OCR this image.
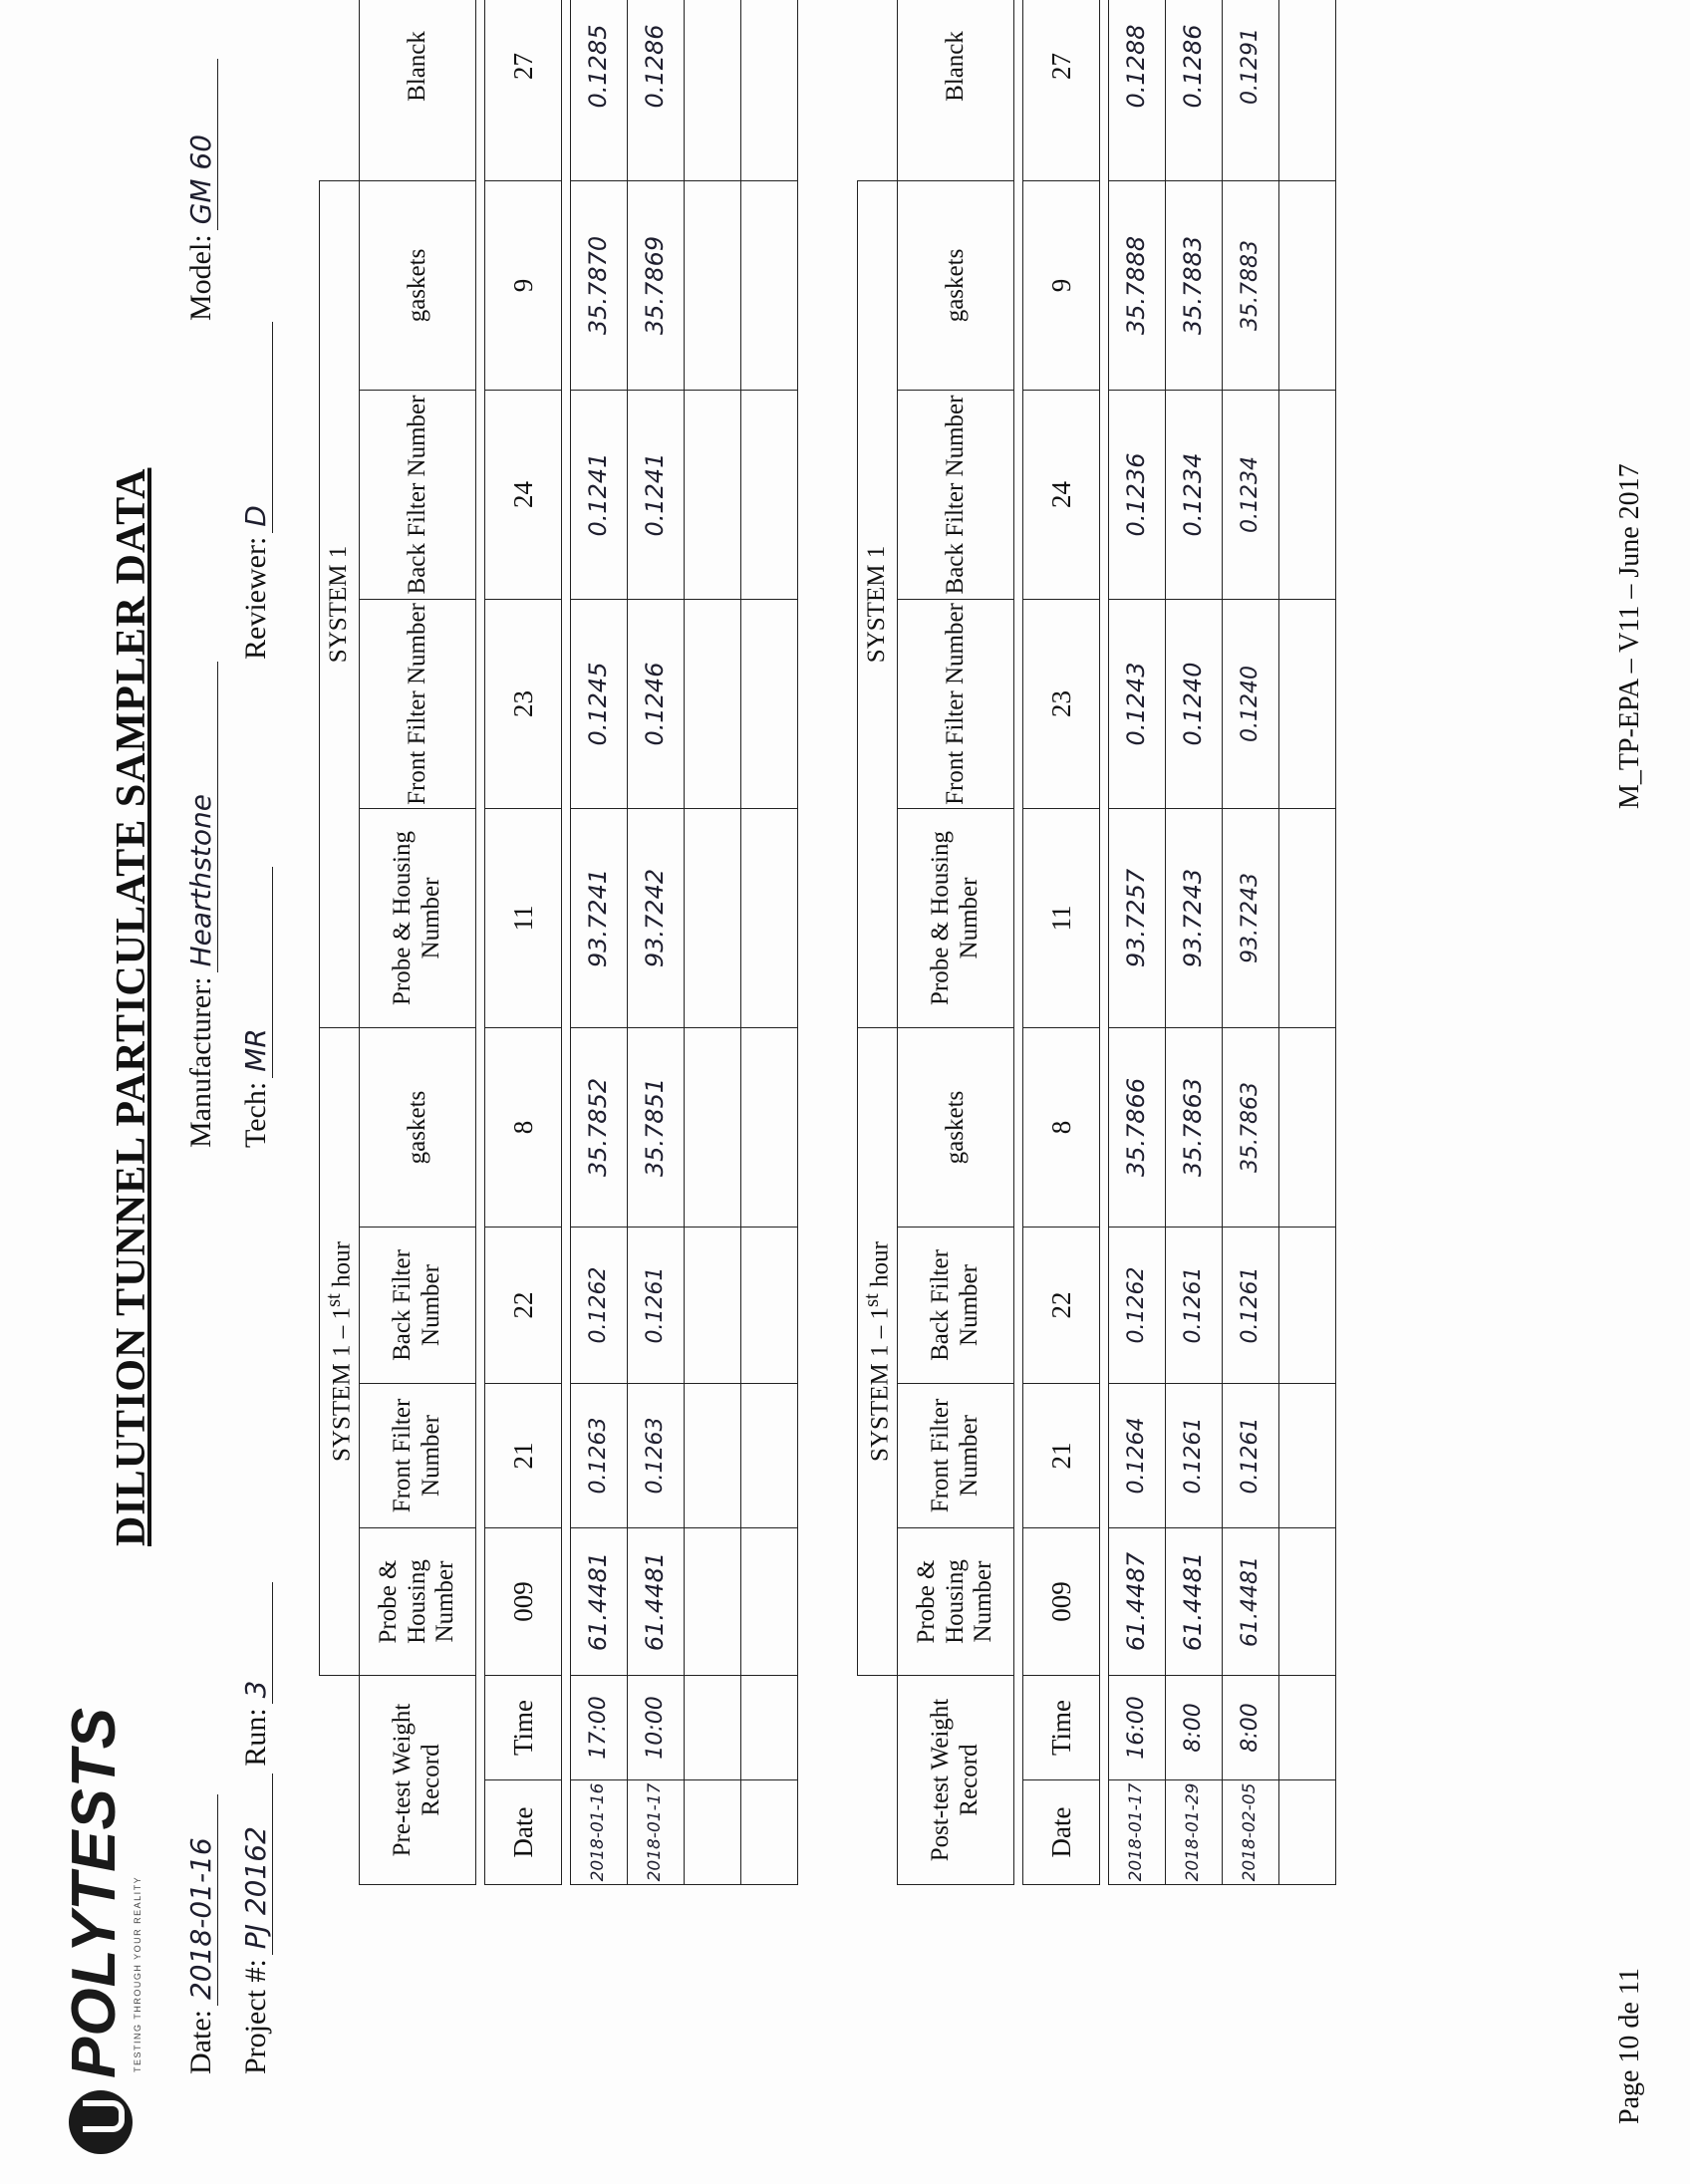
POLYTESTS TESTING THROUGH YOUR REALITY
DILUTION TUNNEL PARTICULATE SAMPLER DATA
Date:2018-01-16
Project #:PJ 20162 Run:3
Manufacturer:Hearthstone
Tech:MR
Reviewer:D
Model:GM 60
		SYSTEM 1 – 1st hour				SYSTEM 1				
Pre-test Weight Record		Probe & Housing Number	Front Filter Number	Back Filter Number	gaskets	Probe & Housing Number	Front Filter Number	Back Filter Number	gaskets	Blanck

Date	Time	009	21	22	8	11	23	24	9	27

2018-01-16	17:00	61.4481	0.1263	0.1262	35.7852	93.7241	0.1245	0.1241	35.7870	0.1285
2018-01-17	10:00	61.4481	0.1263	0.1261	35.7851	93.7242	0.1246	0.1241	35.7869	0.1286

		SYSTEM 1 – 1st hour				SYSTEM 1				
Post-test Weight Record		Probe & Housing Number	Front Filter Number	Back Filter Number	gaskets	Probe & Housing Number	Front Filter Number	Back Filter Number	gaskets	Blanck

Date	Time	009	21	22	8	11	23	24	9	27

2018-01-17	16:00	61.4487	0.1264	0.1262	35.7866	93.7257	0.1243	0.1236	35.7888	0.1288
2018-01-29	8:00	61.4481	0.1261	0.1261	35.7863	93.7243	0.1240	0.1234	35.7883	0.1286
2018-02-05	8:00	61.4481	0.1261	0.1261	35.7863	93.7243	0.1240	0.1234	35.7883	0.1291

Page 10 de 11
M_TP-EPA – V11 – June 2017
